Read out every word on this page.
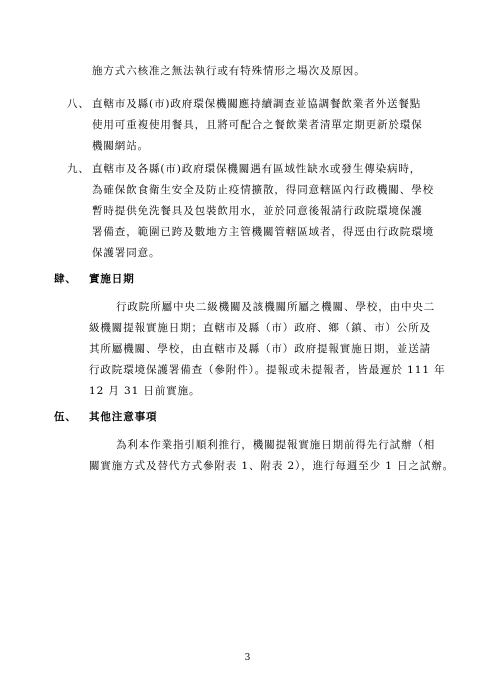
施方式六核准之無法執行或有特殊情形之場次及原因。
八、 直轄市及縣(市)政府環保機關應持續調查並協調餐飲業者外送餐點
使用可重複使用餐具，且將可配合之餐飲業者清單定期更新於環保
機關網站。
九、 直轄市及各縣(市)政府環保機關遇有區域性缺水或發生傳染病時，
為確保飲食衛生安全及防止疫情擴散，得同意轄區內行政機關、學校
暫時提供免洗餐具及包裝飲用水，並於同意後報請行政院環境保護
署備查，範圍已跨及數地方主管機關管轄區域者，得逕由行政院環境
保護署同意。
肆、 實施日期
行政院所屬中央二級機關及該機關所屬之機關、學校，由中央二
級機關提報實施日期；直轄市及縣（市）政府、鄉（鎮、市）公所及
其所屬機關、學校，由直轄市及縣（市）政府提報實施日期，並送請
行政院環境保護署備查（參附件）。提報或未提報者，皆最遲於 111 年
12 月 31 日前實施。
伍、 其他注意事項
為利本作業指引順利推行，機關提報實施日期前得先行試辦（相
關實施方式及替代方式參附表 1、附表 2），進行每週至少 1 日之試辦。
3
